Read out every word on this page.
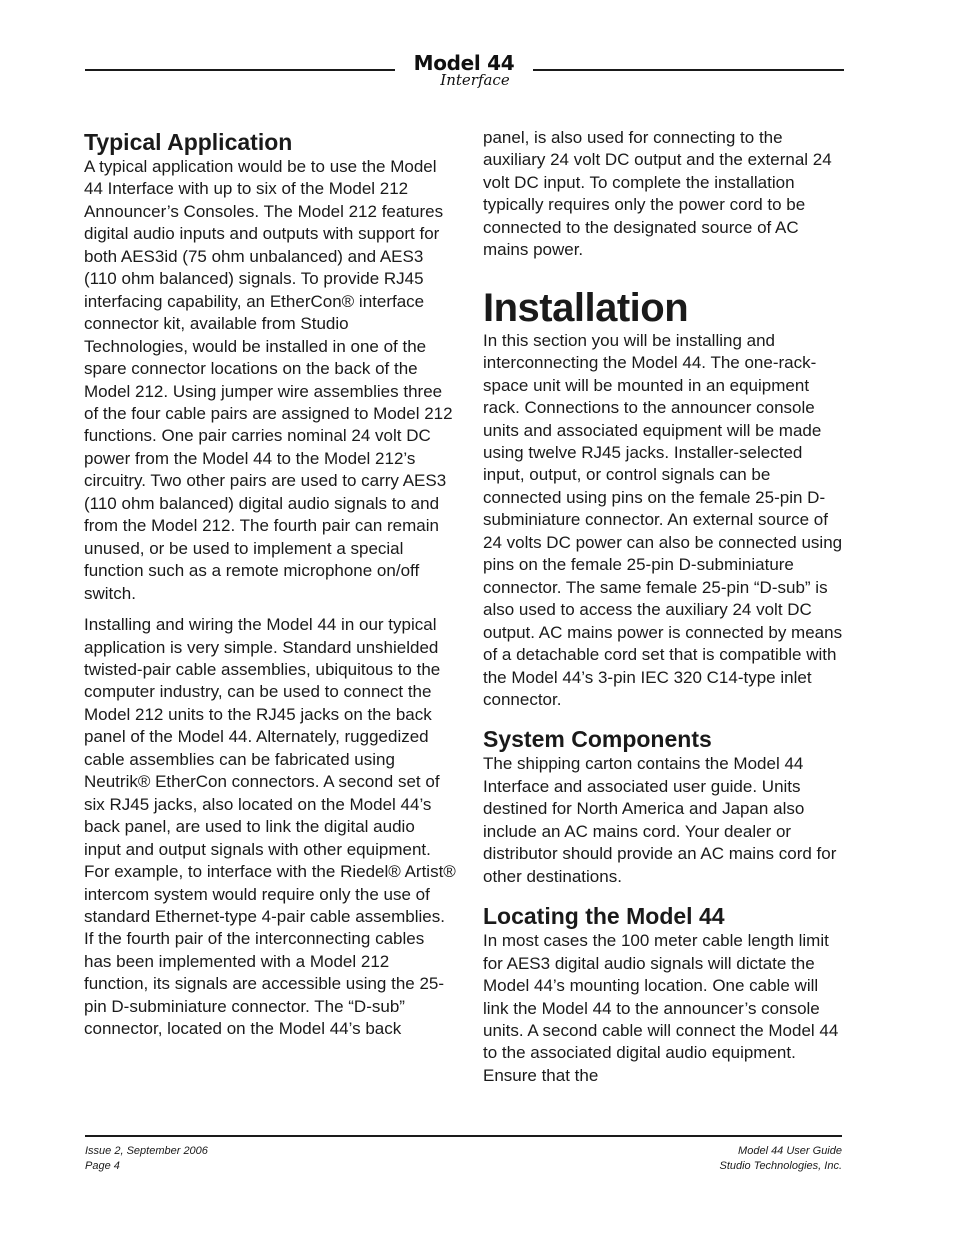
Model 44
Interface
Typical Application

A typical application would be to use the Model 44 Interface with up to six of the Model 212 Announcer’s Consoles. The Model 212 features digital audio inputs and outputs with support for both AES3id (75 ohm unbalanced) and AES3 (110 ohm balanced) signals. To provide RJ45 interfacing capability, an EtherCon® interface connector kit, available from Studio Technologies, would be installed in one of the spare connector locations on the back of the Model 212. Using jumper wire assemblies three of the four cable pairs are assigned to Model 212 functions. One pair carries nominal 24 volt DC power from the Model 44 to the Model 212’s circuitry. Two other pairs are used to carry AES3 (110 ohm balanced) digital audio signals to and from the Model 212. The fourth pair can remain unused, or be used to implement a special function such as a remote microphone on/off switch.

Installing and wiring the Model 44 in our typical application is very simple. Standard unshielded twisted-pair cable assemblies, ubiquitous to the computer industry, can be used to connect the Model 212 units to the RJ45 jacks on the back panel of the Model 44. Alternately, ruggedized cable assemblies can be fabricated using Neutrik® EtherCon connectors. A second set of six RJ45 jacks, also located on the Model 44’s back panel, are used to link the digital audio input and output signals with other equipment. For example, to interface with the Riedel® Artist® intercom system would require only the use of standard Ethernet-type 4-pair cable assemblies. If the fourth pair of the interconnecting cables has been implemented with a Model 212 function, its signals are accessible using the 25-pin D-subminiature connector. The “D-sub” connector, located on the Model 44’s back

panel, is also used for connecting to the auxiliary 24 volt DC output and the external 24 volt DC input. To complete the installation typically requires only the power cord to be connected to the designated source of AC mains power.

Installation

In this section you will be installing and interconnecting the Model 44. The one-rack-space unit will be mounted in an equipment rack. Connections to the announcer console units and associated equipment will be made using twelve RJ45 jacks. Installer-selected input, output, or control signals can be connected using pins on the female 25-pin D-subminiature connector. An external source of 24 volts DC power can also be connected using pins on the female 25-pin D-subminiature connector. The same female 25-pin “D-sub” is also used to access the auxiliary 24 volt DC output. AC mains power is connected by means of a detachable cord set that is compatible with the Model 44’s 3-pin IEC 320 C14-type inlet connector.

System Components

The shipping carton contains the Model 44 Interface and associated user guide. Units destined for North America and Japan also include an AC mains cord. Your dealer or distributor should provide an AC mains cord for other destinations.

Locating the Model 44

In most cases the 100 meter cable length limit for AES3 digital audio signals will dictate the Model 44’s mounting location. One cable will link the Model 44 to the announcer’s console units. A second cable will connect the Model 44 to the associated digital audio equipment. Ensure that the

Issue 2, September 2006
Page 4
Model 44 User Guide
Studio Technologies, Inc.
